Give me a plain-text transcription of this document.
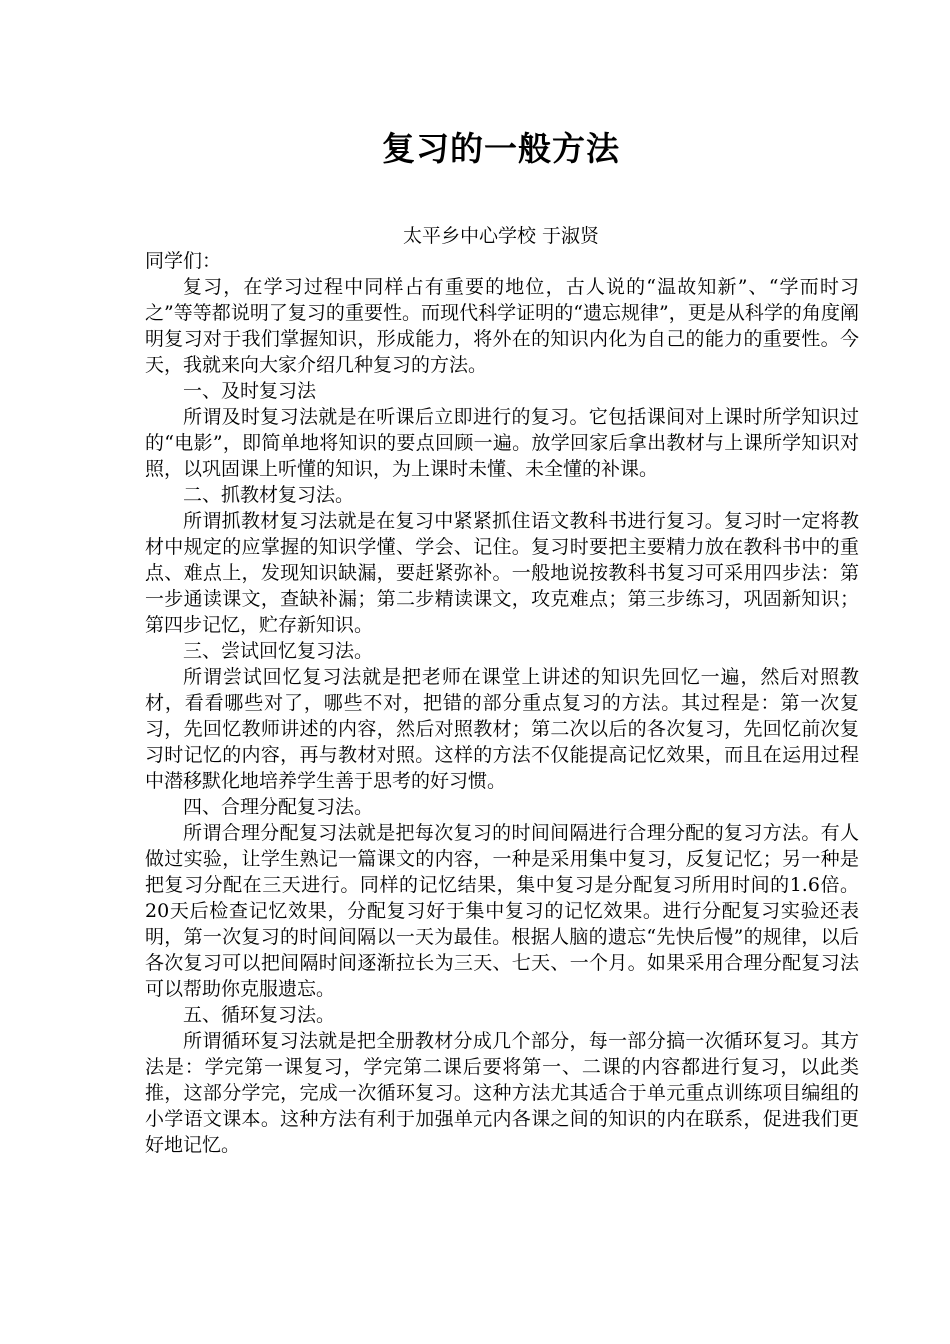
复习的一般方法
太平乡中心学校 于淑贤

同学们：

复习，在学习过程中同样占有重要的地位，古人说的“温故知新”、“学而时习之”等等都说明了复习的重要性。而现代科学证明的“遗忘规律”，更是从科学的角度阐明复习对于我们掌握知识，形成能力，将外在的知识内化为自己的能力的重要性。今天，我就来向大家介绍几种复习的方法。

一、及时复习法

所谓及时复习法就是在听课后立即进行的复习。它包括课间对上课时所学知识过的“电影”，即简单地将知识的要点回顾一遍。放学回家后拿出教材与上课所学知识对照，以巩固课上听懂的知识，为上课时未懂、未全懂的补课。

二、抓教材复习法。

所谓抓教材复习法就是在复习中紧紧抓住语文教科书进行复习。复习时一定将教材中规定的应掌握的知识学懂、学会、记住。复习时要把主要精力放在教科书中的重点、难点上，发现知识缺漏，要赶紧弥补。一般地说按教科书复习可采用四步法：第一步通读课文，查缺补漏；第二步精读课文，攻克难点；第三步练习，巩固新知识；第四步记忆，贮存新知识。

三、尝试回忆复习法。

所谓尝试回忆复习法就是把老师在课堂上讲述的知识先回忆一遍，然后对照教材，看看哪些对了，哪些不对，把错的部分重点复习的方法。其过程是：第一次复习，先回忆教师讲述的内容，然后对照教材；第二次以后的各次复习，先回忆前次复习时记忆的内容，再与教材对照。这样的方法不仅能提高记忆效果，而且在运用过程中潜移默化地培养学生善于思考的好习惯。

四、合理分配复习法。

所谓合理分配复习法就是把每次复习的时间间隔进行合理分配的复习方法。有人做过实验，让学生熟记一篇课文的内容，一种是采用集中复习，反复记忆；另一种是把复习分配在三天进行。同样的记忆结果，集中复习是分配复习所用时间的1.6倍。20天后检查记忆效果，分配复习好于集中复习的记忆效果。进行分配复习实验还表明，第一次复习的时间间隔以一天为最佳。根据人脑的遗忘“先快后慢”的规律，以后各次复习可以把间隔时间逐渐拉长为三天、七天、一个月。如果采用合理分配复习法可以帮助你克服遗忘。

五、循环复习法。

所谓循环复习法就是把全册教材分成几个部分，每一部分搞一次循环复习。其方法是：学完第一课复习，学完第二课后要将第一、二课的内容都进行复习，以此类推，这部分学完，完成一次循环复习。这种方法尤其适合于单元重点训练项目编组的小学语文课本。这种方法有利于加强单元内各课之间的知识的内在联系，促进我们更好地记忆。
